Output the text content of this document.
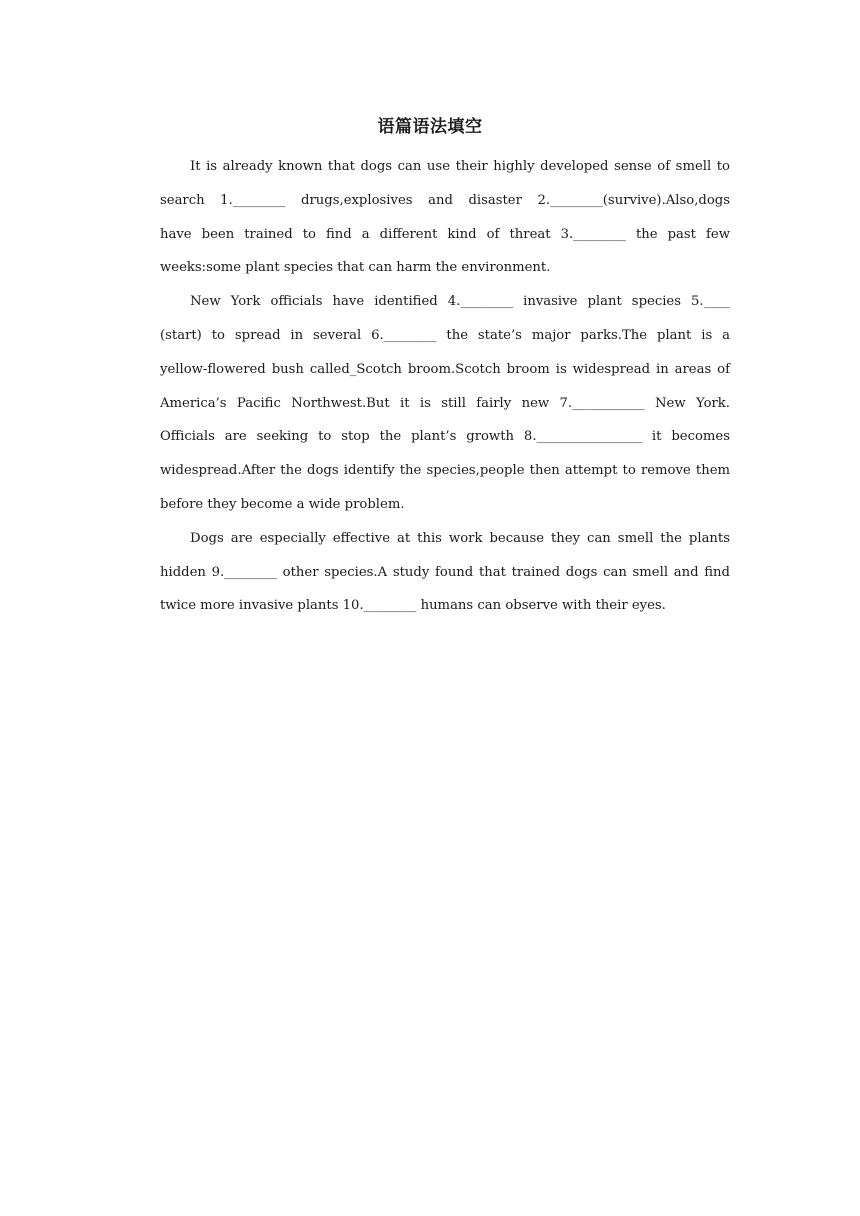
语篇语法填空
It is already known that dogs can use their highly developed sense of smell to
search 1.________ drugs,explosives and disaster 2.________(survive).Also,dogs
have been trained to find a different kind of threat 3.________ the past few
weeks:some plant species that can harm the environment.
New York officials have identified 4.________ invasive plant species 5.____
(start) to spread in several 6.________ the state’s major parks.The plant is a
yellow-flowered bush called_Scotch broom.Scotch broom is widespread in areas of
America’s Pacific Northwest.But it is still fairly new 7.___________ New York.
Officials are seeking to stop the plant’s growth 8.________________ it becomes
widespread.After the dogs identify the species,people then attempt to remove them
before they become a wide problem.
Dogs are especially effective at this work because they can smell the plants
hidden 9.________ other species.A study found that trained dogs can smell and find
twice more invasive plants 10.________ humans can observe with their eyes.
